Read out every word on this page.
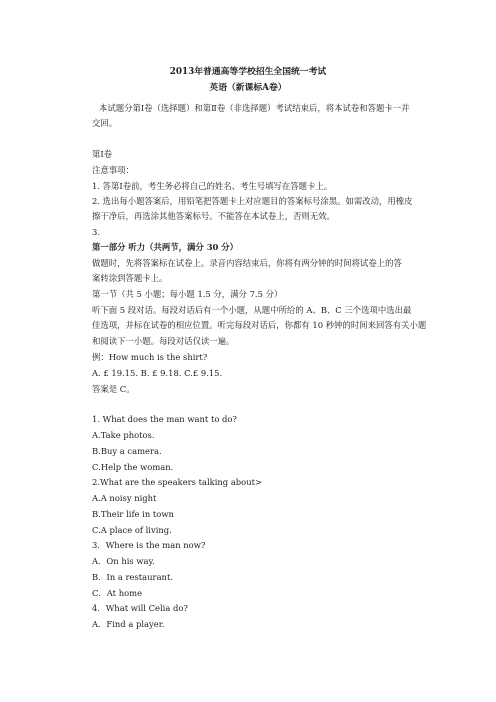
2013年普通高等学校招生全国统一考试
英语（新课标A卷）
本试题分第Ⅰ卷（选择题）和第Ⅱ卷（非选择题）考试结束后，将本试卷和答题卡一并
交回。
第Ⅰ卷
注意事项：
1. 答第Ⅰ卷前，考生务必将自己的姓名、考生号填写在答题卡上。
2. 选出每小题答案后，用铅笔把答题卡上对应题目的答案标号涂黑。如需改动，用橡皮
擦干净后，再选涂其他答案标号。不能答在本试卷上，否则无效。
3.
第一部分 听力（共两节，满分 30 分）
做题时，先将答案标在试卷上。录音内容结束后，你将有两分钟的时间将试卷上的答
案转涂到答题卡上。
第一节（共 5 小题；每小题 1.5 分，满分 7.5 分）
听下面 5 段对话。每段对话后有一个小题，从题中所给的 A、B、C 三个选项中选出最
佳选项，并标在试卷的相应位置。听完每段对话后，你都有 10 秒钟的时间来回答有关小题
和阅读下一小题。每段对话仅读一遍。
例：How much is the shirt?
A. £ 19.15. B. £ 9.18. C.£ 9.15.
答案是 C。
1. What does the man want to do?
A.Take photos.
B.Buy a camera.
C.Help the woman.
2.What are the speakers talking about>
A.A noisy night
B.Their life in town
C.A place of living.
3．Where is the man now?
A．On his way.
B．In a restaurant.
C．At home
4．What will Celia do?
A．Find a player.
